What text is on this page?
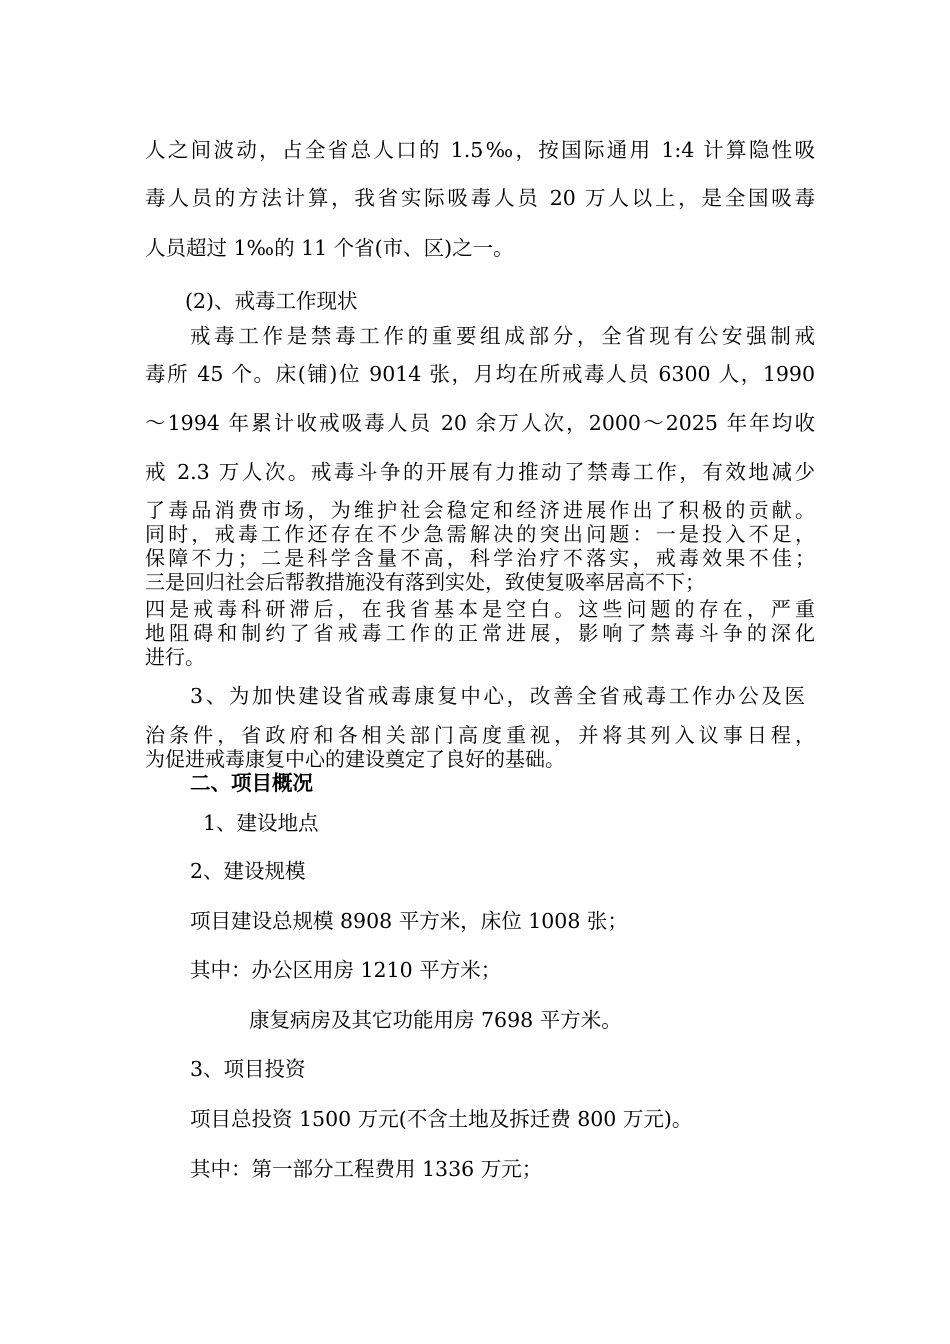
人之间波动，占全省总人口的 1.5‰，按国际通用 1:4 计算隐性吸
毒人员的方法计算，我省实际吸毒人员 20 万人以上，是全国吸毒
人员超过 1‰的 11 个省(市、区)之一。
(2)、戒毒工作现状
戒毒工作是禁毒工作的重要组成部分，全省现有公安强制戒
毒所 45 个。床(铺)位 9014 张，月均在所戒毒人员 6300 人，1990
～1994 年累计收戒吸毒人员 20 余万人次，2000～2025 年年均收
戒 2.3 万人次。戒毒斗争的开展有力推动了禁毒工作，有效地减少
了毒品消费市场，为维护社会稳定和经济进展作出了积极的贡献。
同时，戒毒工作还存在不少急需解决的突出问题：一是投入不足，
保障不力；二是科学含量不高，科学治疗不落实，戒毒效果不佳；
三是回归社会后帮教措施没有落到实处，致使复吸率居高不下；
四是戒毒科研滞后，在我省基本是空白。这些问题的存在，严重
地阻碍和制约了省戒毒工作的正常进展，影响了禁毒斗争的深化
进行。
3、为加快建设省戒毒康复中心，改善全省戒毒工作办公及医
治条件，省政府和各相关部门高度重视，并将其列入议事日程，
为促进戒毒康复中心的建设奠定了良好的基础。
二、项目概况
1、建设地点
2、建设规模
项目建设总规模 8908 平方米，床位 1008 张；
其中：办公区用房 1210 平方米；
康复病房及其它功能用房 7698 平方米。
3、项目投资
项目总投资 1500 万元(不含土地及拆迁费 800 万元)。
其中：第一部分工程费用 1336 万元；
